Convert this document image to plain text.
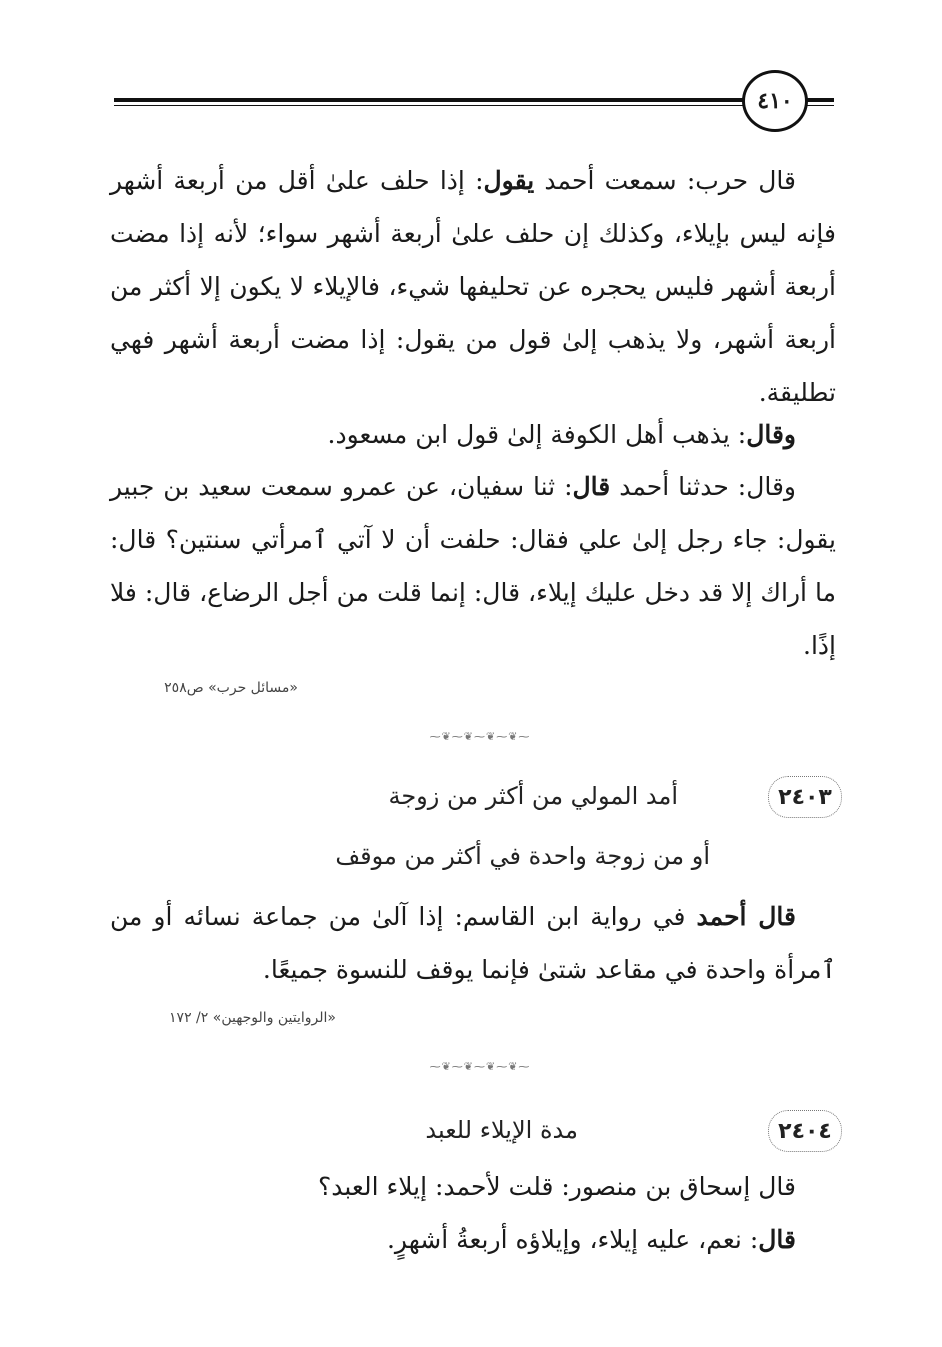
٤١٠

قال حرب: سمعت أحمد يقول: إذا حلف علىٰ أقل من أربعة أشهر فإنه ليس بإيلاء، وكذلك إن حلف علىٰ أربعة أشهر سواء؛ لأنه إذا مضت أربعة أشهر فليس يحجره عن تحليفها شيء، فالإيلاء لا يكون إلا أكثر من أربعة أشهر، ولا يذهب إلىٰ قول من يقول: إذا مضت أربعة أشهر فهي تطليقة.

وقال: يذهب أهل الكوفة إلىٰ قول ابن مسعود.

وقال: حدثنا أحمد قال: ثنا سفيان، عن عمرو سمعت سعيد بن جبير يقول: جاء رجل إلىٰ علي فقال: حلفت أن لا آتي ٱمرأتي سنتين؟ قال: ما أراك إلا قد دخل عليك إيلاء، قال: إنما قلت من أجل الرضاع، قال: فلا إذًا.

«مسائل حرب» ص٢٥٨
⁓❦⁓❦⁓❦⁓❦⁓
٢٤٠٣
أمد المولي من أكثر من زوجة
أو من زوجة واحدة في أكثر من موقف

قال أحمد في رواية ابن القاسم: إذا آلىٰ من جماعة نسائه أو من ٱمرأة واحدة في مقاعد شتىٰ فإنما يوقف للنسوة جميعًا.

«الروايتين والوجهين» ٢/ ١٧٢
⁓❦⁓❦⁓❦⁓❦⁓
٢٤٠٤
مدة الإيلاء للعبد

قال إسحاق بن منصور: قلت لأحمد: إيلاء العبد؟

قال: نعم، عليه إيلاء، وإيلاؤه أربعةُ أشهرٍ.
